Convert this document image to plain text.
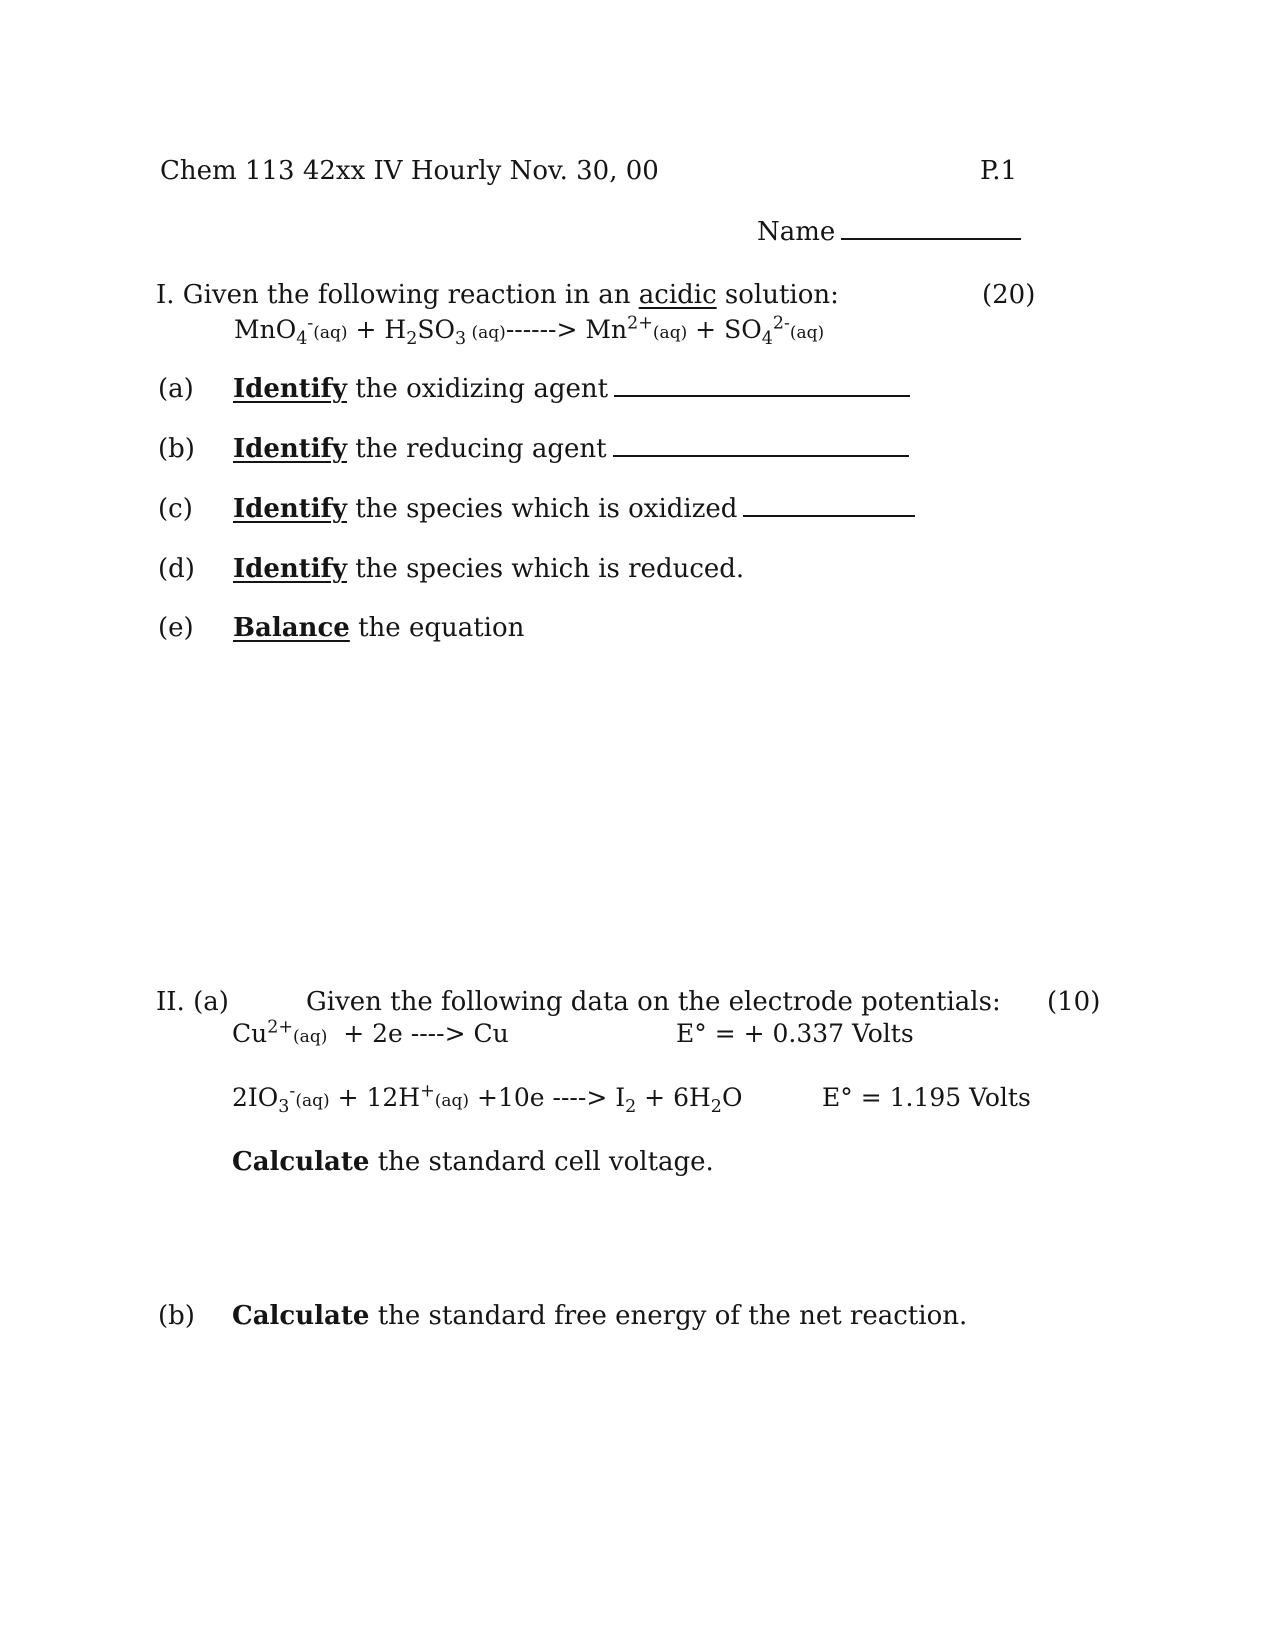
Chem 113 42xx IV Hourly Nov. 30, 00	P.1
Name
I. Given the following reaction in an acidic solution:	(20)
$MnO_4^-(aq) + H_2SO_3$ $(aq)------> Mn^{2+}(aq) + SO_4^{2-}(aq)$
(a) Identify the oxidizing agent
(b) Identify the reducing agent
(c) Identify the species which is oxidized
(d) Identify the species which is reduced.
(e) Balance the equation
II. (a)	Given the following data on the electrode potentials: (10)
$Cu^{2+}(aq) + 2e$ ----> Cu	E° = + 0.337 Volts
$2IO_3^-(aq) + 12H^+(aq) +10e$ ----> $I_2 + 6H_2O$	E° = 1.195 Volts
Calculate the standard cell voltage.
(b) Calculate the standard free energy of the net reaction.
